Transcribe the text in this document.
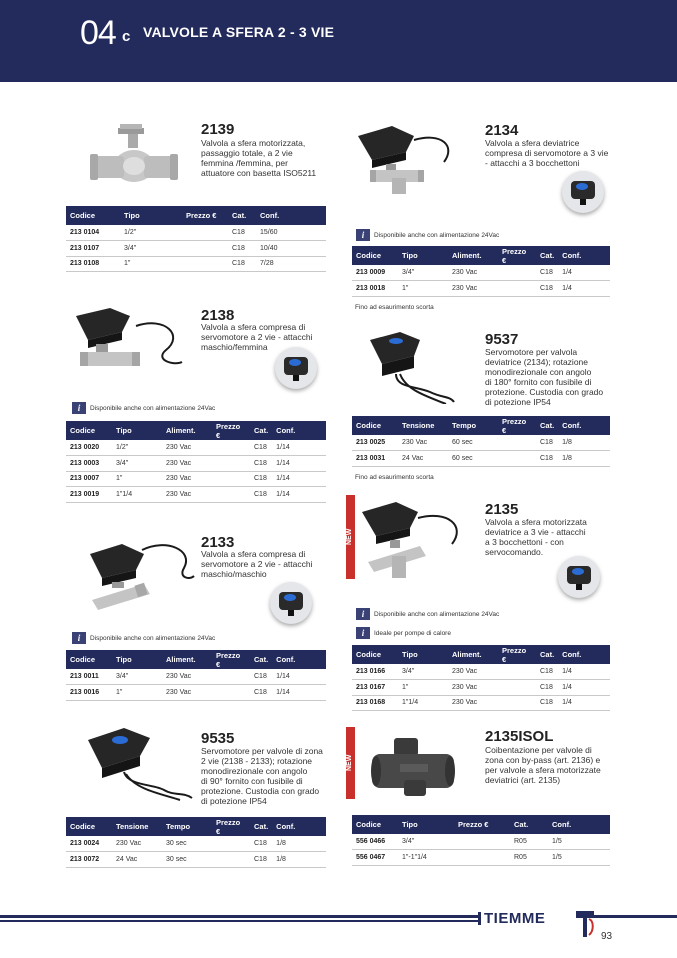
04 c VALVOLE A SFERA 2 - 3 VIE
2139
Valvola a sfera motorizzata,
passaggio totale, a 2 vie
femmina /femmina, per
attuatore con basetta ISO5211
Codice	Tipo	Prezzo €	Cat.	Conf.
213 0104	1/2"		C18	15/60
213 0107	3/4"		C18	10/40
213 0108	1"		C18	7/28
2138
Valvola a sfera compresa di
servomotore a 2 vie - attacchi
maschio/femmina
i	Disponibile anche con alimentazione 24Vac
Codice	Tipo	Aliment.	Prezzo €	Cat.	Conf.
213 0020	1/2"	230 Vac		C18	1/14
213 0003	3/4"	230 Vac		C18	1/14
213 0007	1"	230 Vac		C18	1/14
213 0019	1"1/4	230 Vac		C18	1/14
2133
Valvola a sfera compresa di
servomotore a 2 vie - attacchi
maschio/maschio
i	Disponibile anche con alimentazione 24Vac
Codice	Tipo	Aliment.	Prezzo €	Cat.	Conf.
213 0011	3/4"	230 Vac		C18	1/14
213 0016	1"	230 Vac		C18	1/14
9535
Servomotore per valvole di zona
2 vie (2138 - 2133); rotazione
monodirezionale con angolo
di 90° fornito con fusibile di
protezione. Custodia con grado
di potezione IP54
Codice	Tensione	Tempo	Prezzo €	Cat.	Conf.
213 0024	230 Vac	30 sec		C18	1/8
213 0072	24 Vac	30 sec		C18	1/8
2134
Valvola a sfera deviatrice
compresa di servomotore a 3 vie
- attacchi a 3 bocchettoni
i	Disponibile anche con alimentazione 24Vac
Codice	Tipo	Aliment.	Prezzo €	Cat.	Conf.
213 0009	3/4"	230 Vac		C18	1/4
213 0018	1"	230 Vac		C18	1/4
Fino ad esaurimento scorta
9537
Servomotore per valvola
deviatrice (2134); rotazione
monodirezionale con angolo
di 180° fornito con fusibile di
protezione. Custodia con grado
di potezione IP54
Codice	Tensione	Tempo	Prezzo €	Cat.	Conf.
213 0025	230 Vac	60 sec		C18	1/8
213 0031	24 Vac	60 sec		C18	1/8
Fino ad esaurimento scorta
NEW
2135
Valvola a sfera motorizzata
deviatrice a 3 vie - attacchi
a 3 bocchettoni - con
servocomando.
i	Disponibile anche con alimentazione 24Vac
i	Ideale per pompe di calore
Codice	Tipo	Aliment.	Prezzo €	Cat.	Conf.
213 0166	3/4"	230 Vac		C18	1/4
213 0167	1"	230 Vac		C18	1/4
213 0168	1"1/4	230 Vac		C18	1/4
NEW
2135ISOL
Coibentazione per valvole di
zona con by-pass (art. 2136) e
per valvole a sfera motorizzate
deviatrici (art. 2135)
Codice	Tipo	Prezzo €	Cat.	Conf.
556 0466	3/4"		R05	1/5
556 0467	1"-1"1/4		R05	1/5
TIEMME
93
